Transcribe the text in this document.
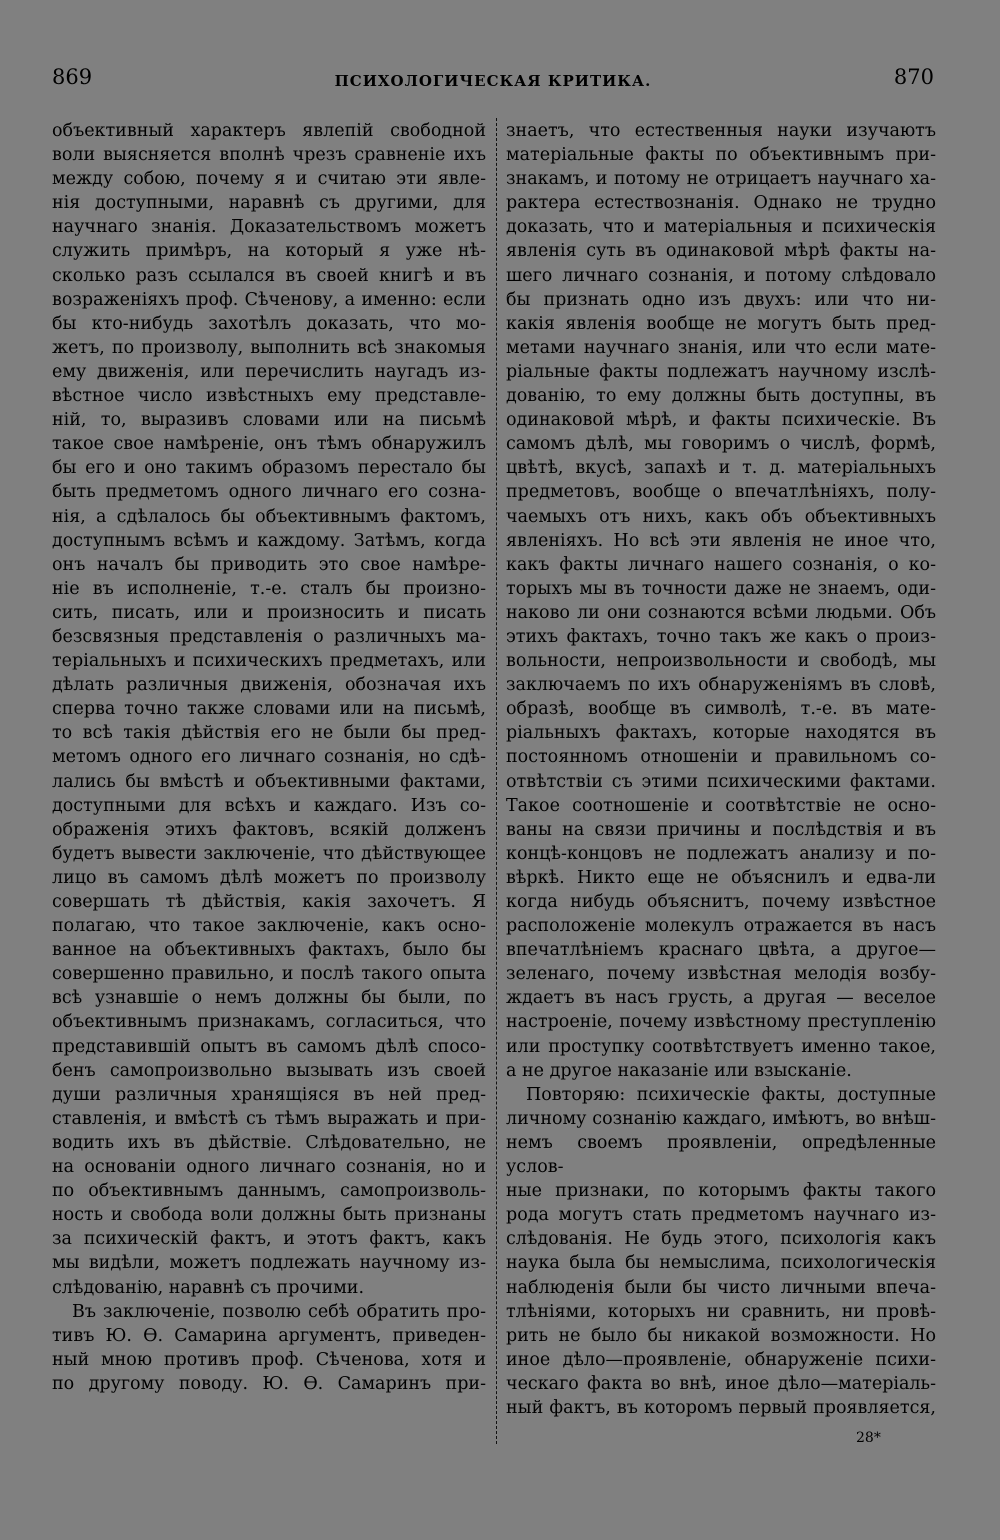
869	ПСИХОЛОГИЧЕСКАЯ КРИТИКА.	870

объективный характеръ явлепій свободной

воли выясняется вполнѣ чрезъ сравненіе ихъ

между собою, почему я и считаю эти явле-

нія доступными, наравнѣ съ другими, для

научнаго знанія. Доказательствомъ можетъ

служить примѣръ, на который я уже нѣ-

сколько разъ ссылался въ своей книгѣ и въ

возраженіяхъ проф. Сѣченову, а именно: если

бы кто-нибудь захотѣлъ доказать, что мо-

жетъ, по произволу, выполнить всѣ знакомыя

ему движенія, или перечислить наугадъ из-

вѣстное число извѣстныхъ ему представле-

ній, то, выразивъ словами или на письмѣ

такое свое намѣреніе, онъ тѣмъ обнаружилъ

бы его и оно такимъ образомъ перестало бы

быть предметомъ одного личнаго его созна-

нія, а сдѣлалось бы объективнымъ фактомъ,

доступнымъ всѣмъ и каждому. Затѣмъ, когда

онъ началъ бы приводить это свое намѣре-

ніе въ исполненіе, т.-е. сталъ бы произно-

сить, писать, или и произносить и писать

безсвязныя представленія о различныхъ ма-

теріальныхъ и психическихъ предметахъ, или

дѣлать различныя движенія, обозначая ихъ

сперва точно также словами или на письмѣ,

то всѣ такія дѣйствія его не были бы пред-

метомъ одного его личнаго сознанія, но сдѣ-

лались бы вмѣстѣ и объективными фактами,

доступными для всѣхъ и каждаго. Изъ со-

ображенія этихъ фактовъ, всякій долженъ

будетъ вывести заключеніе, что дѣйствующее

лицо въ самомъ дѣлѣ можетъ по произволу

совершать тѣ дѣйствія, какія захочетъ. Я

полагаю, что такое заключеніе, какъ осно-

ванное на объективныхъ фактахъ, было бы

совершенно правильно, и послѣ такого опыта

всѣ узнавшіе о немъ должны бы были, по

объективнымъ признакамъ, согласиться, что

представившій опытъ въ самомъ дѣлѣ спосо-

бенъ самопроизвольно вызывать изъ своей

души различныя хранящіяся въ ней пред-

ставленія, и вмѣстѣ съ тѣмъ выражать и при-

водить ихъ въ дѣйствіе. Слѣдовательно, не

на основаніи одного личнаго сознанія, но и

по объективнымъ даннымъ, самопроизволь-

ность и свобода воли должны быть признаны

за психическій фактъ, и этотъ фактъ, какъ

мы видѣли, можетъ подлежать научному из-

слѣдованію, наравнѣ съ прочими.

Въ заключеніе, позволю себѣ обратить про-

тивъ Ю. Ѳ. Самарина аргументъ, приведен-

ный мною противъ проф. Сѣченова, хотя и

по другому поводу. Ю. Ѳ. Самаринъ при-

знаетъ, что естественныя науки изучаютъ

матеріальные факты по объективнымъ при-

знакамъ, и потому не отрицаетъ научнаго ха-

рактера естествознанія. Однако не трудно

доказать, что и матеріальныя и психическія

явленія суть въ одинаковой мѣрѣ факты на-

шего личнаго сознанія, и потому слѣдовало

бы признать одно изъ двухъ: или что ни-

какія явленія вообще не могутъ быть пред-

метами научнаго знанія, или что если мате-

ріальные факты подлежатъ научному изслѣ-

дованію, то ему должны быть доступны, въ

одинаковой мѣрѣ, и факты психическіе. Въ

самомъ дѣлѣ, мы говоримъ о числѣ, формѣ,

цвѣтѣ, вкусѣ, запахѣ и т. д. матеріальныхъ

предметовъ, вообще о впечатлѣніяхъ, полу-

чаемыхъ отъ нихъ, какъ объ объективныхъ

явленіяхъ. Но всѣ эти явленія не иное что,

какъ факты личнаго нашего сознанія, о ко-

торыхъ мы въ точности даже не знаемъ, оди-

наково ли они сознаются всѣми людьми. Объ

этихъ фактахъ, точно такъ же какъ о произ-

вольности, непроизвольности и свободѣ, мы

заключаемъ по ихъ обнаруженіямъ въ словѣ,

образѣ, вообще въ символѣ, т.-е. въ мате-

ріальныхъ фактахъ, которые находятся въ

постоянномъ отношеніи и правильномъ со-

отвѣтствіи съ этими психическими фактами.

Такое соотношеніе и соотвѣтствіе не осно-

ваны на связи причины и послѣдствія и въ

концѣ-концовъ не подлежатъ анализу и по-

вѣркѣ. Никто еще не объяснилъ и едва-ли

когда нибудь объяснитъ, почему извѣстное

расположеніе молекулъ отражается въ насъ

впечатлѣніемъ краснаго цвѣта, а другое—

зеленаго, почему извѣстная мелодія возбу-

ждаетъ въ насъ грусть, а другая — веселое

настроеніе, почему извѣстному преступленію

или проступку соотвѣтствуетъ именно такое,

а не другое наказаніе или взысканіе.

Повторяю: психическіе факты, доступные

личному сознанію каждаго, имѣютъ, во внѣш-

немъ своемъ проявленіи, опредѣленные услов-

ные признаки, по которымъ факты такого

рода могутъ стать предметомъ научнаго из-

слѣдованія. Не будь этого, психологія какъ

наука была бы немыслима, психологическія

наблюденія были бы чисто личными впеча-

тлѣніями, которыхъ ни сравнить, ни провѣ-

рить не было бы никакой возможности. Но

иное дѣло—проявленіе, обнаруженіе психи-

ческаго факта во внѣ, иное дѣло—матеріаль-

ный фактъ, въ которомъ первый проявляется,

28*
